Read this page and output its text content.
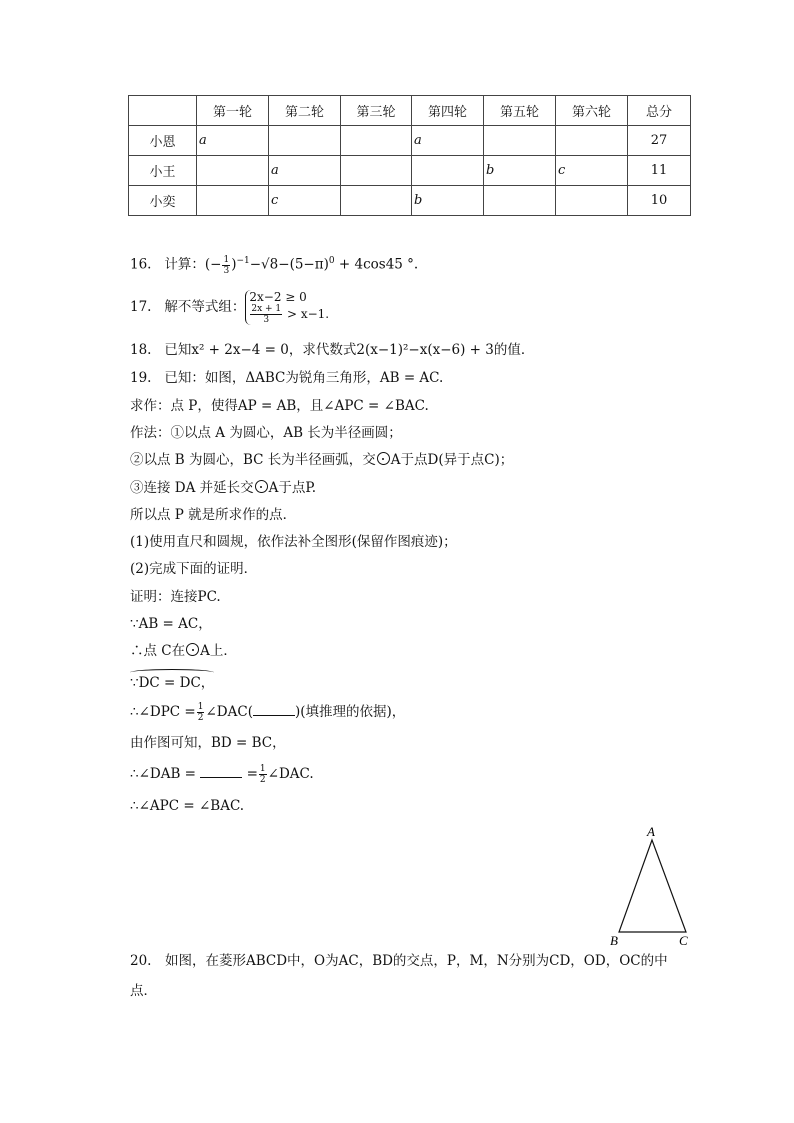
	第一轮	第二轮	第三轮	第四轮	第五轮	第六轮	总分
小恩	a			a			27
小王		a			b	c	11
小奕		c		b			10
16. 计算：(− $\frac{1}{3} )^{-1}-√8-(5-\pi)^0 + 4\cos 45$ °.
17. 解不等式组：2x−2 ≥ 0

$\frac{2x + 1}{3} > x-1$.
18. 已知x² + 2x−4 = 0，求代数式2(x−1)²−x(x−6) + 3的值．
19. 已知：如图，ΔABC为锐角三角形，AB = AC.
求作：点 P，使得AP = AB，且∠APC = ∠BAC.
作法：①以点 A 为圆心，AB 长为半径画圆；
②以点 B 为圆心，BC 长为半径画弧，交 A于点D(异于点C)；
③连接 DA 并延长交 A于点P.
所以点 P 就是所求作的点．
(1)使用直尺和圆规，依作法补全图形(保留作图痕迹)；
(2)完成下面的证明．
证明：连接PC.
∵AB = AC，
∴点 C在 A上．
∵DC = DC，
∴∠DPC = $\frac{1}{2}$ ∠DAC(	)(填推理的依据)，
由作图可知，BD = BC，
∴∠DAB =	= $\frac{1}{2}$ ∠DAC.
∴∠APC = ∠BAC.
A
B	C
20.　如图，在菱形ABCD中，O为AC，BD的交点，P，M，N分别为CD，OD，OC的中
点．
